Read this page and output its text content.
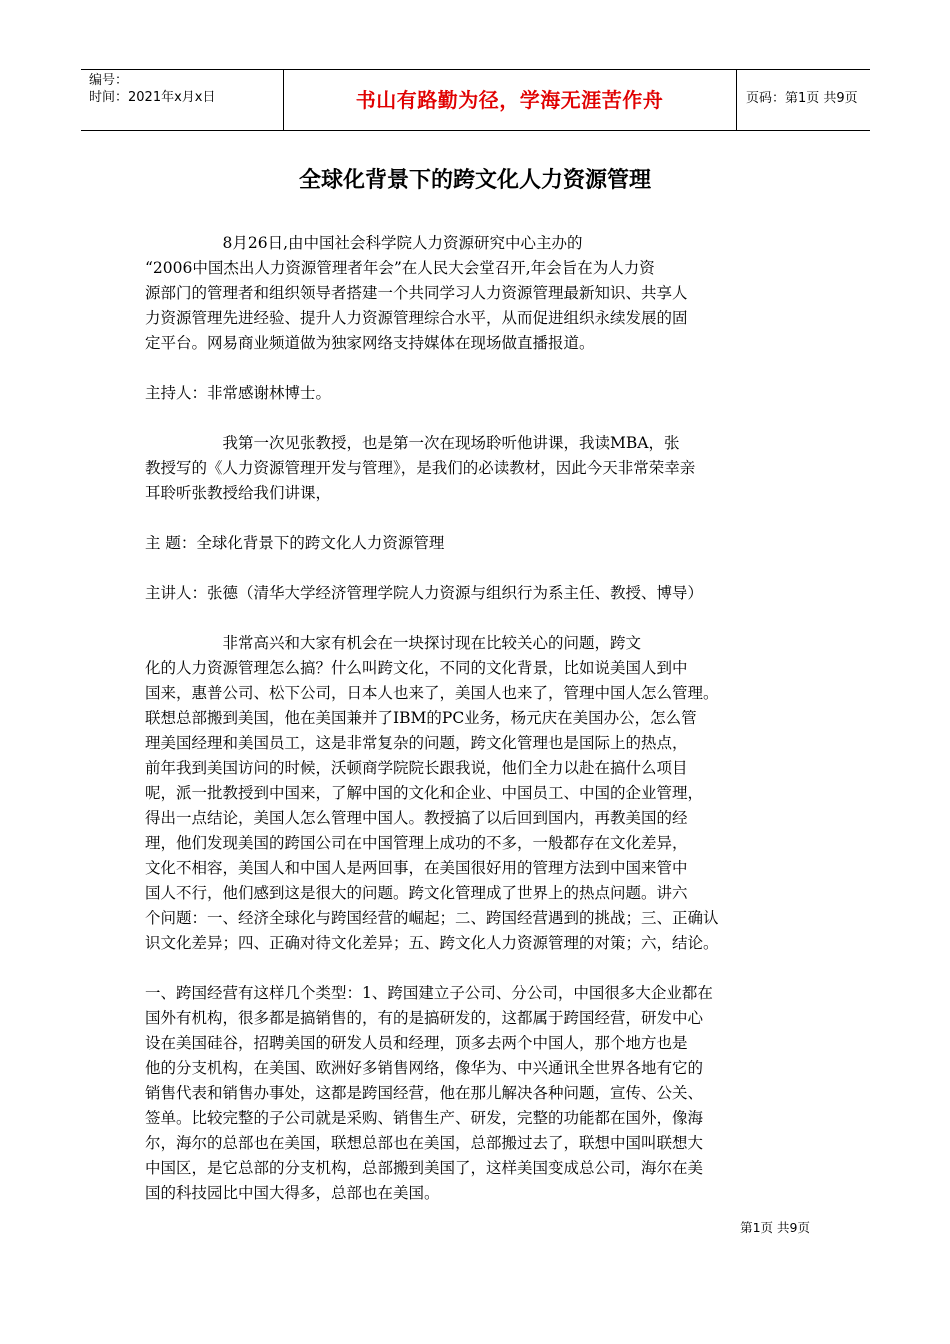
编号：
时间：2021年x月x日	书山有路勤为径，学海无涯苦作舟	页码：第1页 共9页
全球化背景下的跨文化人力资源管理

　　　　　8月26日,由中国社会科学院人力资源研究中心主办的
“2006中国杰出人力资源管理者年会”在人民大会堂召开,年会旨在为人力资
源部门的管理者和组织领导者搭建一个共同学习人力资源管理最新知识、共享人
力资源管理先进经验、提升人力资源管理综合水平，从而促进组织永续发展的固
定平台。网易商业频道做为独家网络支持媒体在现场做直播报道。

主持人：非常感谢林博士。

　　　　　我第一次见张教授，也是第一次在现场聆听他讲课，我读MBA，张
教授写的《人力资源管理开发与管理》，是我们的必读教材，因此今天非常荣幸亲
耳聆听张教授给我们讲课，

主 题：全球化背景下的跨文化人力资源管理

主讲人：张德（清华大学经济管理学院人力资源与组织行为系主任、教授、博导）

　　　　　非常高兴和大家有机会在一块探讨现在比较关心的问题，跨文
化的人力资源管理怎么搞？什么叫跨文化，不同的文化背景，比如说美国人到中
国来，惠普公司、松下公司，日本人也来了，美国人也来了，管理中国人怎么管理。
联想总部搬到美国，他在美国兼并了IBM的PC业务，杨元庆在美国办公，怎么管
理美国经理和美国员工，这是非常复杂的问题，跨文化管理也是国际上的热点，
前年我到美国访问的时候，沃顿商学院院长跟我说，他们全力以赴在搞什么项目
呢，派一批教授到中国来，了解中国的文化和企业、中国员工、中国的企业管理，
得出一点结论，美国人怎么管理中国人。教授搞了以后回到国内，再教美国的经
理，他们发现美国的跨国公司在中国管理上成功的不多，一般都存在文化差异，
文化不相容，美国人和中国人是两回事，在美国很好用的管理方法到中国来管中
国人不行，他们感到这是很大的问题。跨文化管理成了世界上的热点问题。讲六
个问题：一、经济全球化与跨国经营的崛起；二、跨国经营遇到的挑战；三、正确认
识文化差异；四、正确对待文化差异；五、跨文化人力资源管理的对策；六，结论。

一、跨国经营有这样几个类型：1、跨国建立子公司、分公司，中国很多大企业都在
国外有机构，很多都是搞销售的，有的是搞研发的，这都属于跨国经营，研发中心
设在美国硅谷，招聘美国的研发人员和经理，顶多去两个中国人，那个地方也是
他的分支机构，在美国、欧洲好多销售网络，像华为、中兴通讯全世界各地有它的
销售代表和销售办事处，这都是跨国经营，他在那儿解决各种问题，宣传、公关、
签单。比较完整的子公司就是采购、销售生产、研发，完整的功能都在国外，像海
尔，海尔的总部也在美国，联想总部也在美国，总部搬过去了，联想中国叫联想大
中国区，是它总部的分支机构，总部搬到美国了，这样美国变成总公司，海尔在美
国的科技园比中国大得多，总部也在美国。

第1页 共9页
